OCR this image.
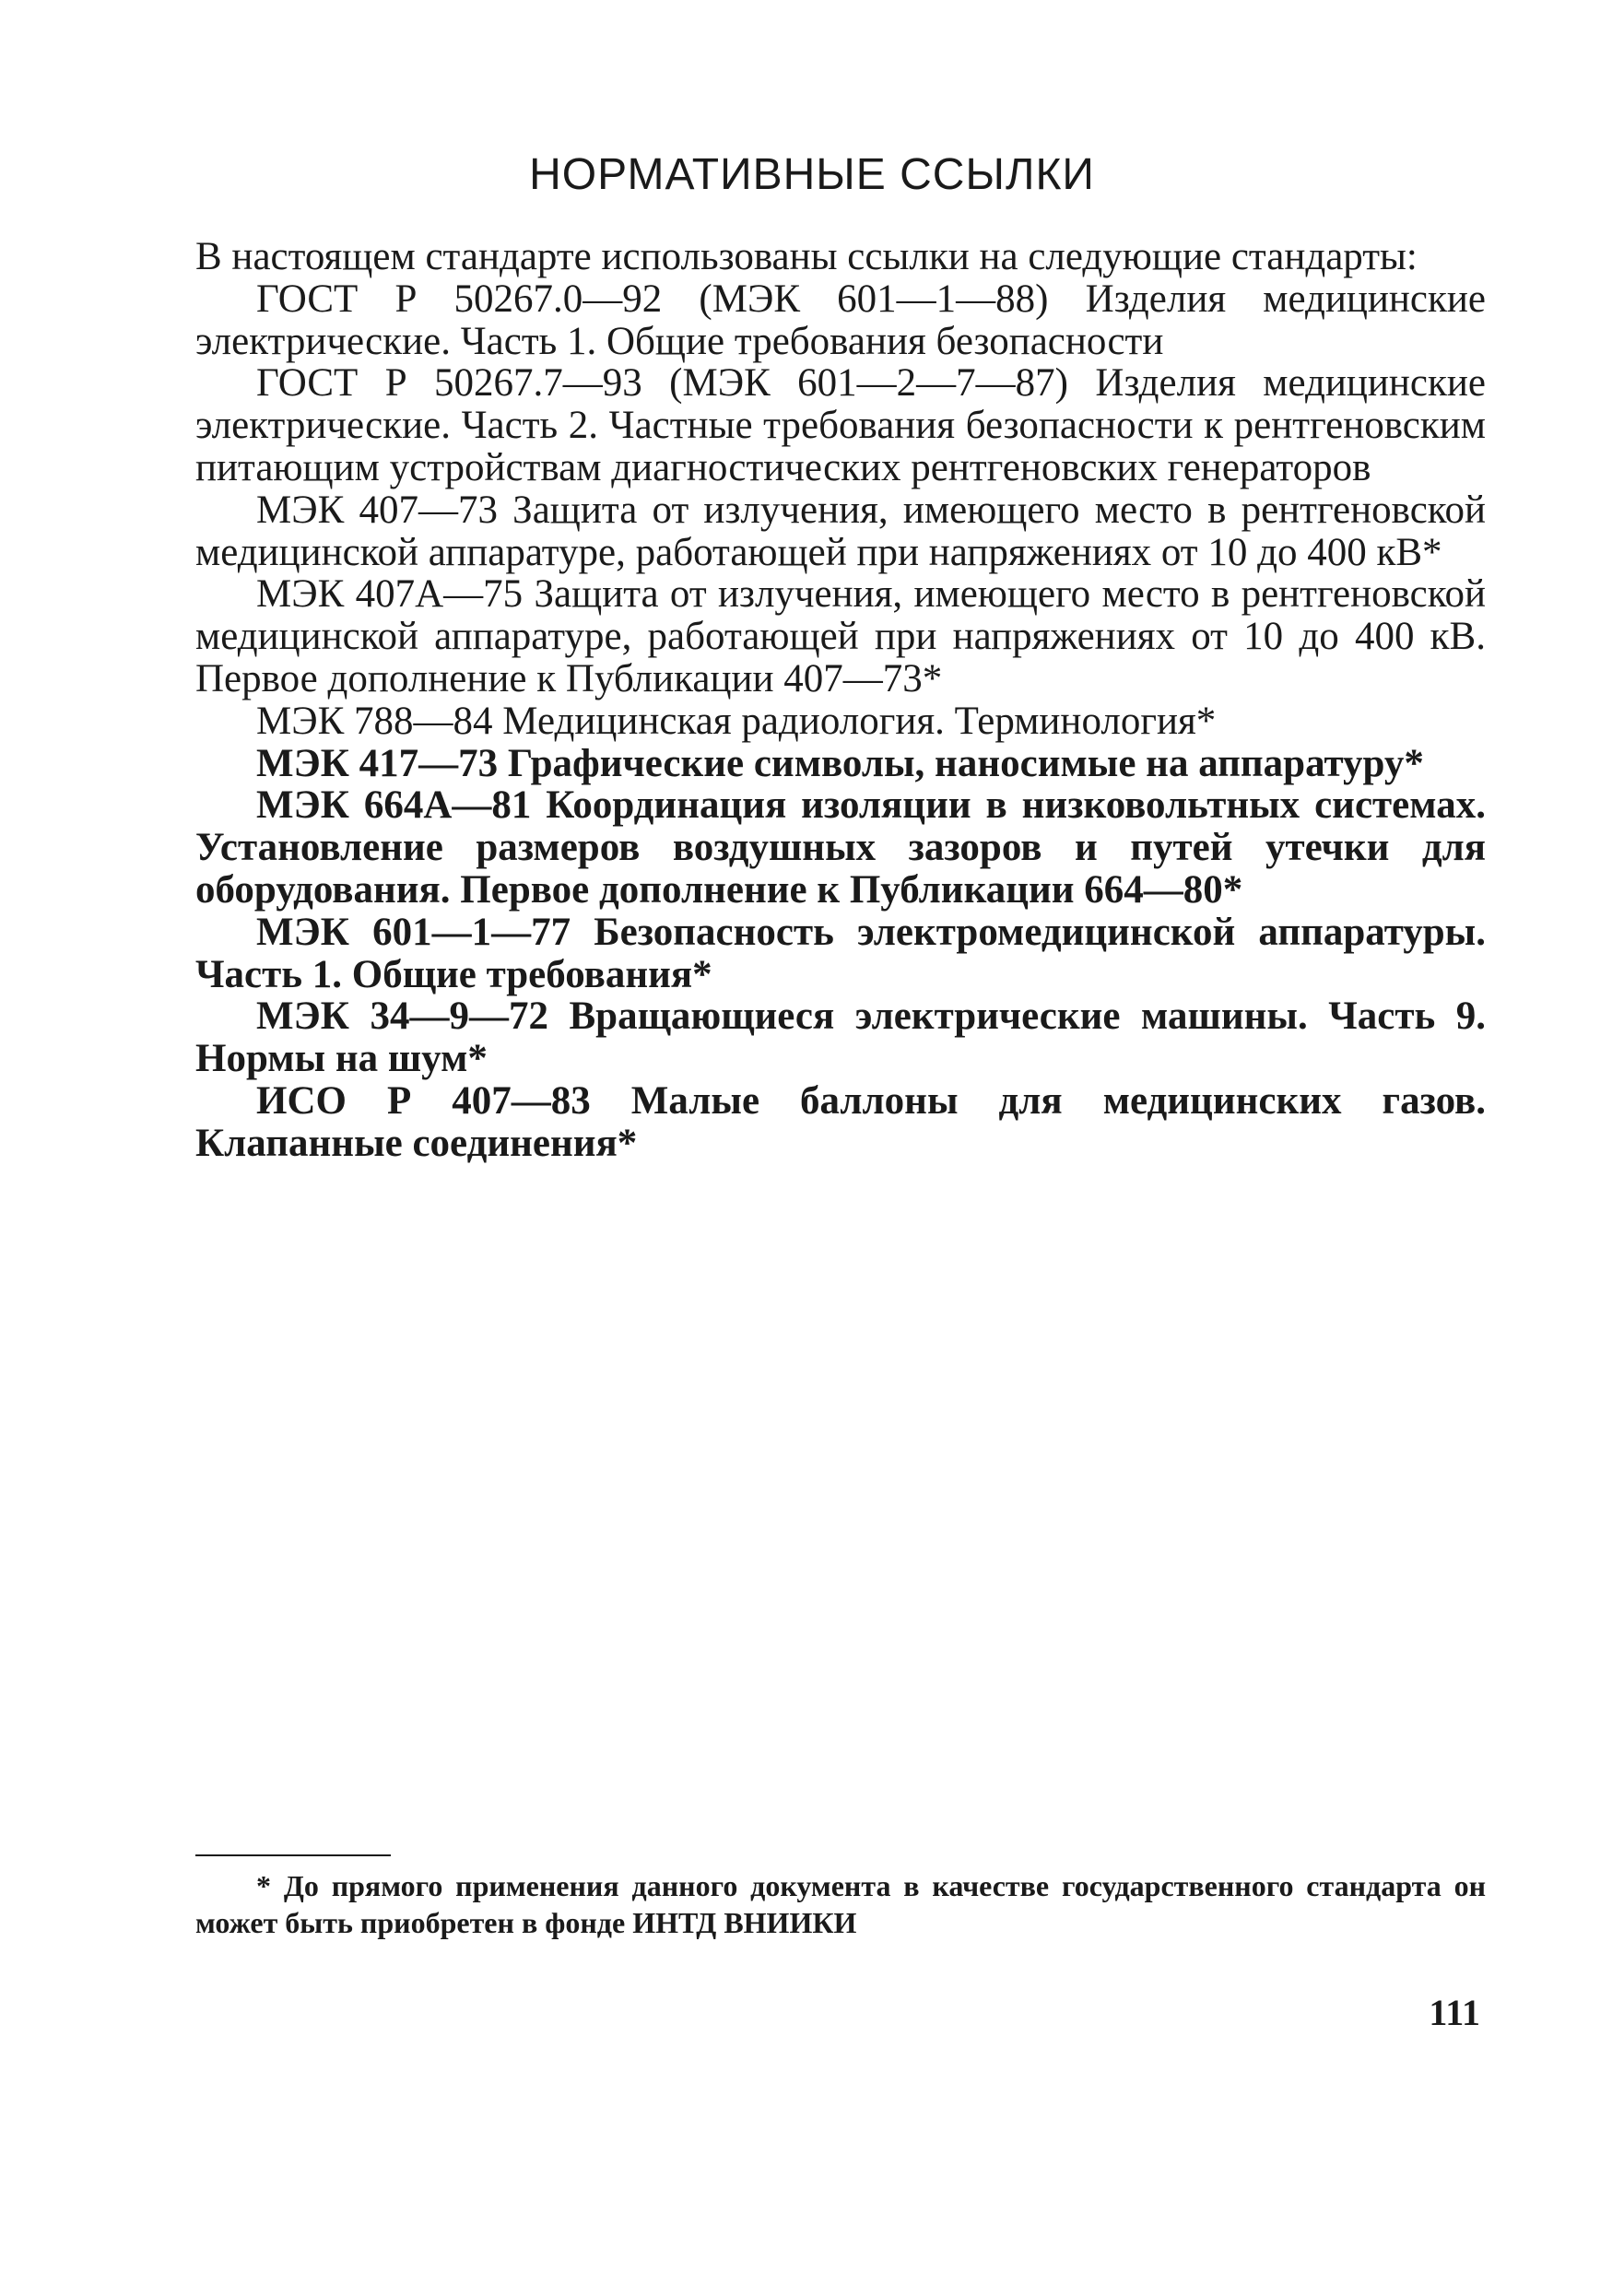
НОРМАТИВНЫЕ ССЫЛКИ

В настоящем стандарте использованы ссылки на следующие стандарты:

ГОСТ Р 50267.0—92 (МЭК 601—1—88) Изделия медицинские электрические. Часть 1. Общие требования безопасности

ГОСТ Р 50267.7—93 (МЭК 601—2—7—87) Изделия медицинские электрические. Часть 2. Частные требования безопасности к рентгеновским питающим устройствам диагностических рентгеновских генераторов

МЭК 407—73 Защита от излучения, имеющего место в рентгеновской медицинской аппаратуре, работающей при напряжениях от 10 до 400 кВ*

МЭК 407А—75 Защита от излучения, имеющего место в рентгеновской медицинской аппаратуре, работающей при напряжениях от 10 до 400 кВ. Первое дополнение к Публикации 407—73*

МЭК 788—84 Медицинская радиология. Терминология*

МЭК 417—73 Графические символы, наносимые на аппаратуру*

МЭК 664А—81 Координация изоляции в низковольтных системах. Установление размеров воздушных зазоров и путей утечки для оборудования. Первое дополнение к Публикации 664—80*

МЭК 601—1—77 Безопасность электромедицинской аппаратуры. Часть 1. Общие требования*

МЭК 34—9—72 Вращающиеся электрические машины. Часть 9. Нормы на шум*

ИСО Р 407—83 Малые баллоны для медицинских газов. Клапанные соединения*

* До прямого применения данного документа в качестве государственного стандарта он может быть приобретен в фонде ИНТД ВНИИКИ
111
